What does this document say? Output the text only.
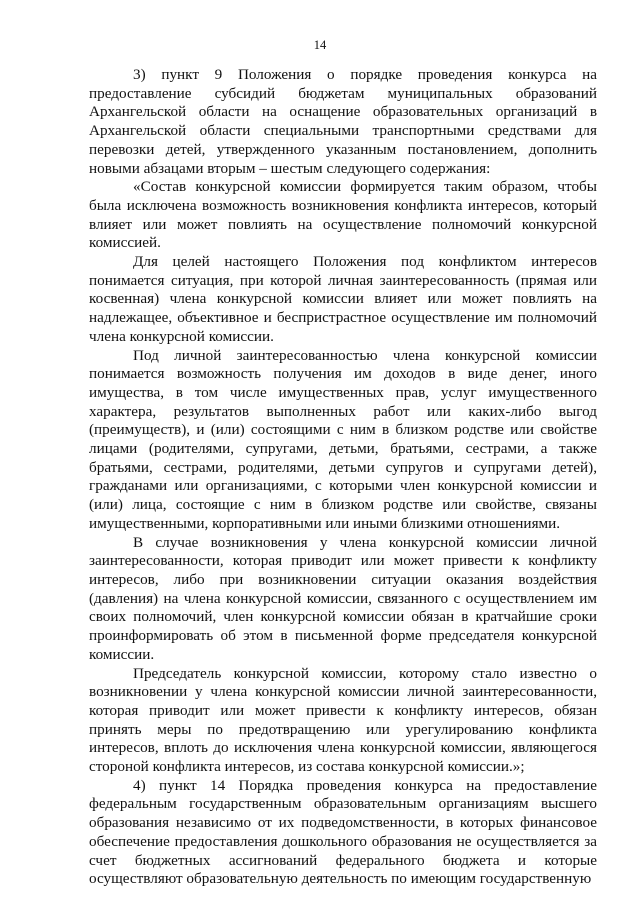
14

3) пункт 9 Положения о порядке проведения конкурса на предоставление субсидий бюджетам муниципальных образований Архангельской области на оснащение образовательных организаций в Архангельской области специальными транспортными средствами для перевозки детей, утвержденного указанным постановлением, дополнить новыми абзацами вторым – шестым следующего содержания:

«Состав конкурсной комиссии формируется таким образом, чтобы была исключена возможность возникновения конфликта интересов, который влияет или может повлиять на осуществление полномочий конкурсной комиссией.

Для целей настоящего Положения под конфликтом интересов понимается ситуация, при которой личная заинтересованность (прямая или косвенная) члена конкурсной комиссии влияет или может повлиять на надлежащее, объективное и беспристрастное осуществление им полномочий члена конкурсной комиссии.

Под личной заинтересованностью члена конкурсной комиссии понимается возможность получения им доходов в виде денег, иного имущества, в том числе имущественных прав, услуг имущественного характера, результатов выполненных работ или каких-либо выгод (преимуществ), и (или) состоящими с ним в близком родстве или свойстве лицами (родителями, супругами, детьми, братьями, сестрами, а также братьями, сестрами, родителями, детьми супругов и супругами детей), гражданами или организациями, с которыми член конкурсной комиссии и (или) лица, состоящие с ним в близком родстве или свойстве, связаны имущественными, корпоративными или иными близкими отношениями.

В случае возникновения у члена конкурсной комиссии личной заинтересованности, которая приводит или может привести к конфликту интересов, либо при возникновении ситуации оказания воздействия (давления) на члена конкурсной комиссии, связанного с осуществлением им своих полномочий, член конкурсной комиссии обязан в кратчайшие сроки проинформировать об этом в письменной форме председателя конкурсной комиссии.

Председатель конкурсной комиссии, которому стало известно о возникновении у члена конкурсной комиссии личной заинтересованности, которая приводит или может привести к конфликту интересов, обязан принять меры по предотвращению или урегулированию конфликта интересов, вплоть до исключения члена конкурсной комиссии, являющегося стороной конфликта интересов, из состава конкурсной комиссии.»;

4) пункт 14 Порядка проведения конкурса на предоставление федеральным государственным образовательным организациям высшего образования независимо от их подведомственности, в которых финансовое обеспечение предоставления дошкольного образования не осуществляется за счет бюджетных ассигнований федерального бюджета и которые осуществляют образовательную деятельность по имеющим государственную
